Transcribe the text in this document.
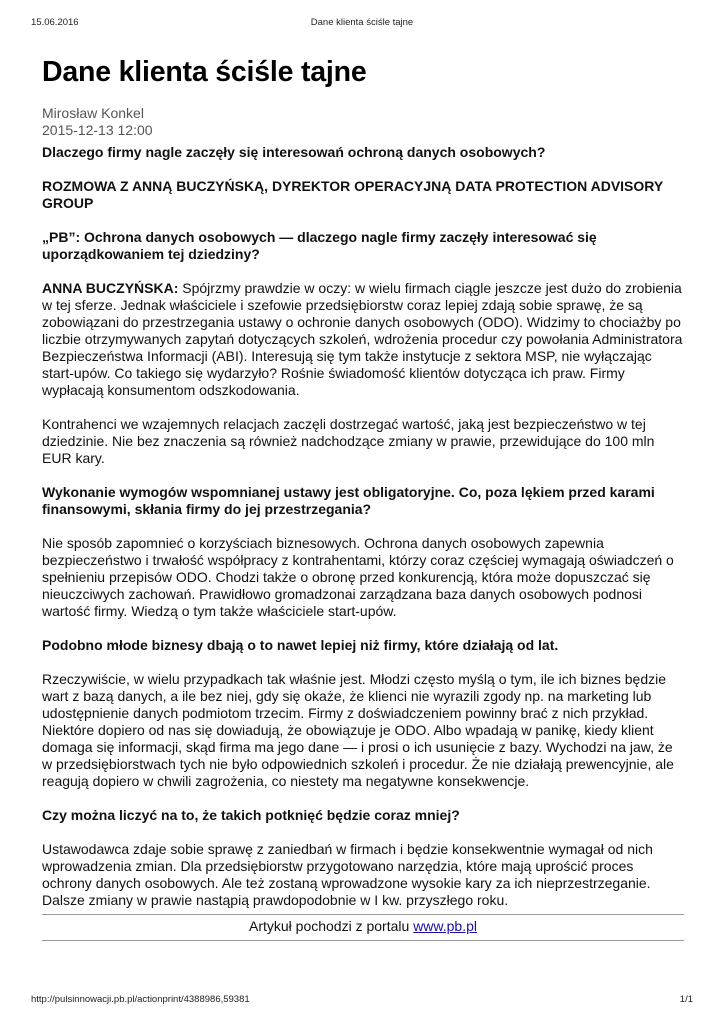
15.06.2016	Dane klienta ściśle tajne
Dane klienta ściśle tajne
Mirosław Konkel
2015-12-13 12:00

Dlaczego firmy nagle zaczęły się interesowań ochroną danych osobowych?

ROZMOWA Z ANNĄ BUCZYŃSKĄ, DYREKTOR OPERACYJNĄ DATA PROTECTION ADVISORY GROUP

„PB”: Ochrona danych osobowych — dlaczego nagle firmy zaczęły interesować się uporządkowaniem tej dziedziny?

ANNA BUCZYŃSKA: Spójrzmy prawdzie w oczy: w wielu firmach ciągle jeszcze jest dużo do zrobienia w tej sferze. Jednak właściciele i szefowie przedsiębiorstw coraz lepiej zdają sobie sprawę, że są zobowiązani do przestrzegania ustawy o ochronie danych osobowych (ODO). Widzimy to chociażby po liczbie otrzymywanych zapytań dotyczących szkoleń, wdrożenia procedur czy powołania Administratora Bezpieczeństwa Informacji (ABI). Interesują się tym także instytucje z sektora MSP, nie wyłączając start-upów. Co takiego się wydarzyło? Rośnie świadomość klientów dotycząca ich praw. Firmy wypłacają konsumentom odszkodowania.

Kontrahenci we wzajemnych relacjach zaczęli dostrzegać wartość, jaką jest bezpieczeństwo w tej dziedzinie. Nie bez znaczenia są również nadchodzące zmiany w prawie, przewidujące do 100 mln EUR kary.

Wykonanie wymogów wspomnianej ustawy jest obligatoryjne. Co, poza lękiem przed karami finansowymi, skłania firmy do jej przestrzegania?

Nie sposób zapomnieć o korzyściach biznesowych. Ochrona danych osobowych zapewnia bezpieczeństwo i trwałość współpracy z kontrahentami, którzy coraz częściej wymagają oświadczeń o spełnieniu przepisów ODO. Chodzi także o obronę przed konkurencją, która może dopuszczać się nieuczciwych zachowań. Prawidłowo gromadzonai zarządzana baza danych osobowych podnosi wartość firmy. Wiedzą o tym także właściciele start-upów.

Podobno młode biznesy dbają o to nawet lepiej niż firmy, które działają od lat.

Rzeczywiście, w wielu przypadkach tak właśnie jest. Młodzi często myślą o tym, ile ich biznes będzie wart z bazą danych, a ile bez niej, gdy się okaże, że klienci nie wyrazili zgody np. na marketing lub udostępnienie danych podmiotom trzecim. Firmy z doświadczeniem powinny brać z nich przykład. Niektóre dopiero od nas się dowiadują, że obowiązuje je ODO. Albo wpadają w panikę, kiedy klient domaga się informacji, skąd firma ma jego dane — i prosi o ich usunięcie z bazy. Wychodzi na jaw, że w przedsiębiorstwach tych nie było odpowiednich szkoleń i procedur. Że nie działają prewencyjnie, ale reagują dopiero w chwili zagrożenia, co niestety ma negatywne konsekwencje.

Czy można liczyć na to, że takich potknięć będzie coraz mniej?

Ustawodawca zdaje sobie sprawę z zaniedbań w firmach i będzie konsekwentnie wymagał od nich wprowadzenia zmian. Dla przedsiębiorstw przygotowano narzędzia, które mają uprościć proces ochrony danych osobowych. Ale też zostaną wprowadzone wysokie kary za ich nieprzestrzeganie. Dalsze zmiany w prawie nastąpią prawdopodobnie w I kw. przyszłego roku.

Artykuł pochodzi z portalu www.pb.pl
http://pulsinnowacji.pb.pl/actionprint/4388986,59381	1/1
